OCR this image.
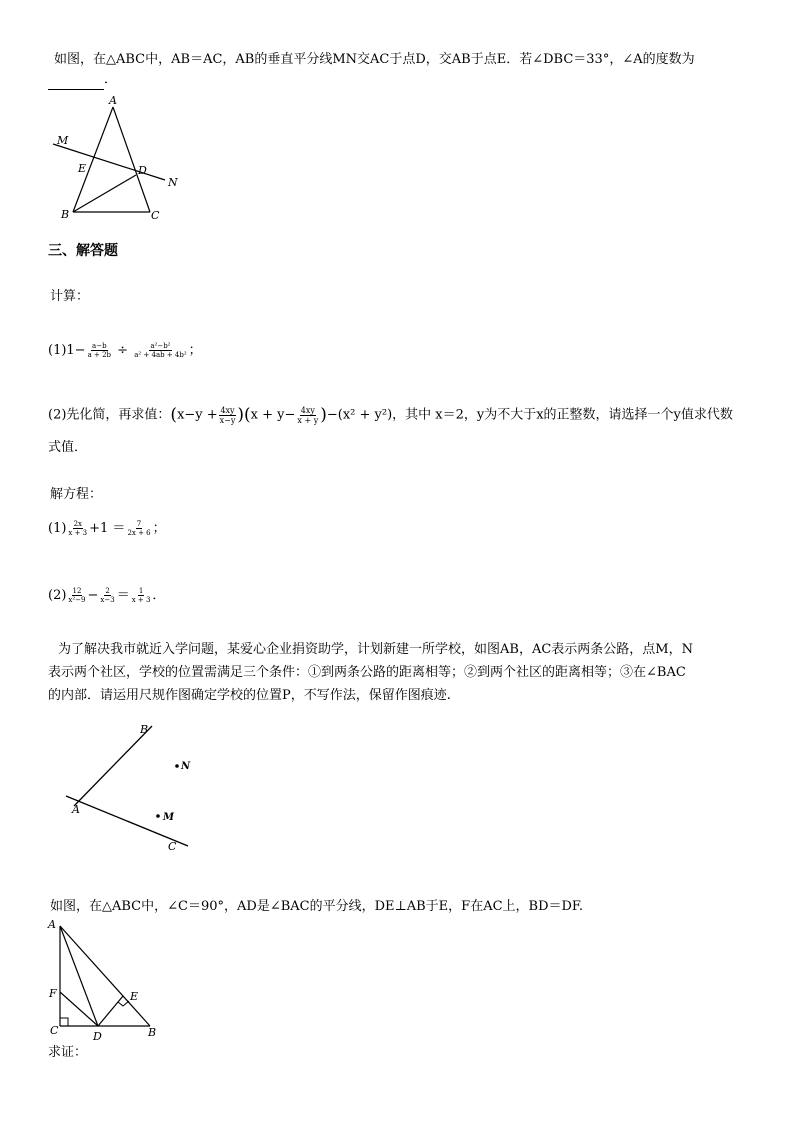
如图，在△ABC中，AB＝AC，AB的垂直平分线MN交AC于点D，交AB于点E．若∠DBC＝33°，∠A的度数为
．
A
B	C
D
E
M
N
三、解答题
计算：
$(1)1- \frac{a-b}{a + 2b} \div \frac{\text{a²−b²}}{\text{a² + 4ab + 4b²}}$ ；
(2)先化简，再求值：$(x-y + \frac{4xy}{x-y} )(x + y- \frac{4xy}{x + y} )-(x^2 + y^2)$，其中 x＝2，y为不大于x的正整数，请选择一个y值求代数
式值．
解方程：
$(1) \frac{2x}{x + 3} +1 = \frac{7}{2x + 6}$ ；
$(2) \frac{12}{\text{x²−9}} - \frac{2}{x-3} = \frac{1}{x + 3}$ ．
为了解决我市就近入学问题，某爱心企业捐资助学，计划新建一所学校，如图AB，AC表示两条公路，点M，N
表示两个社区，学校的位置需满足三个条件：①到两条公路的距离相等；②到两个社区的距离相等；③在∠BAC
的内部．请运用尺规作图确定学校的位置P，不写作法，保留作图痕迹.
B
A
C
N
M
如图，在△ABC中，∠C＝90°，AD是∠BAC的平分线，DE⊥AB于E，F在AC上，BD＝DF.
A
F
C	D
E
B
求证：
